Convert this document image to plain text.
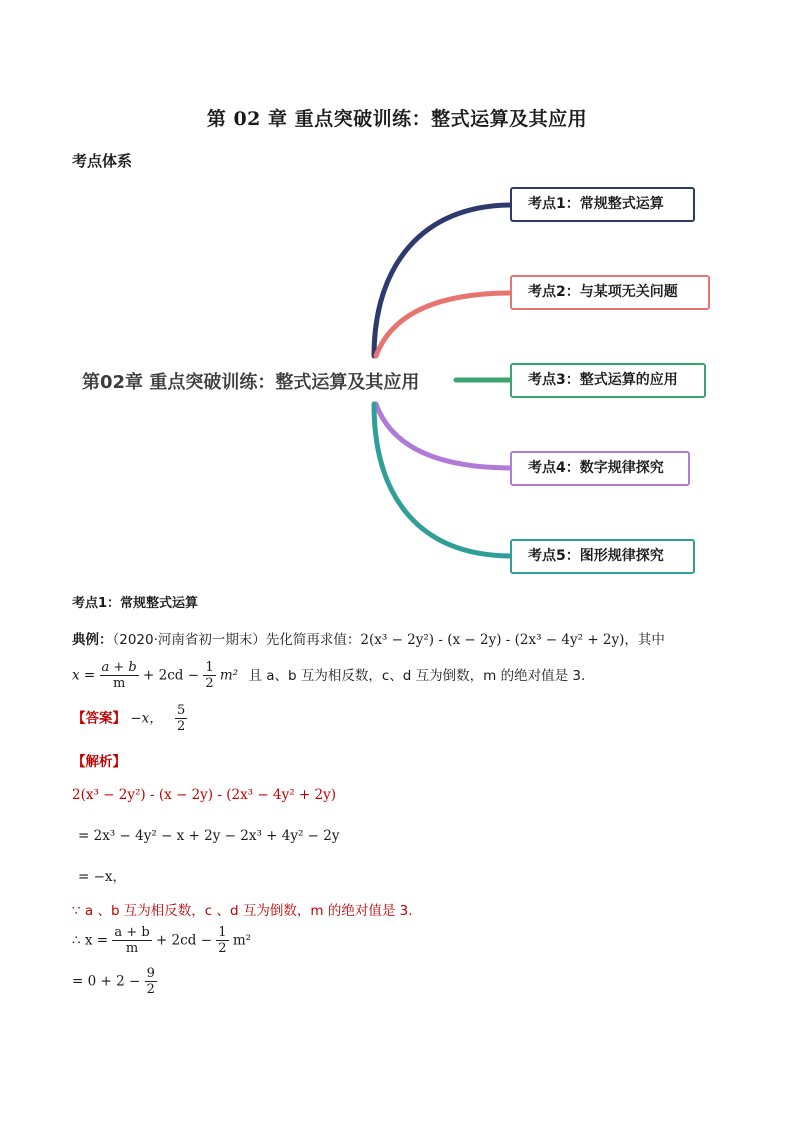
第 02 章 重点突破训练：整式运算及其应用
考点体系
第02章 重点突破训练：整式运算及其应用
考点1：常规整式运算
考点2：与某项无关问题
考点3：整式运算的应用
考点4：数字规律探究
考点5：图形规律探究
考点1：常规整式运算
典例：（2020·河南省初一期末）先化简再求值：2(x³ − 2y²) - (x − 2y) - (2x³ − 4y² + 2y)，其中
$x = \frac{a + b}{m} + 2cd - \frac{1}{2} m^2$ 且 a、b 互为相反数，c、d 互为倒数，m 的绝对值是 3.
【答案】 −x， $\frac{5}{2}$
【解析】
2(x³ − 2y²) - (x − 2y) - (2x³ − 4y² + 2y)
= 2x³ − 4y² − x + 2y − 2x³ + 4y² − 2y
= −x，
∵ a 、b 互为相反数，c 、d 互为倒数，m 的绝对值是 3.
∴ $x = \frac{a + b}{m} + 2cd - \frac{1}{2} m^2$
= $0 + 2 - \frac{9}{2}$
